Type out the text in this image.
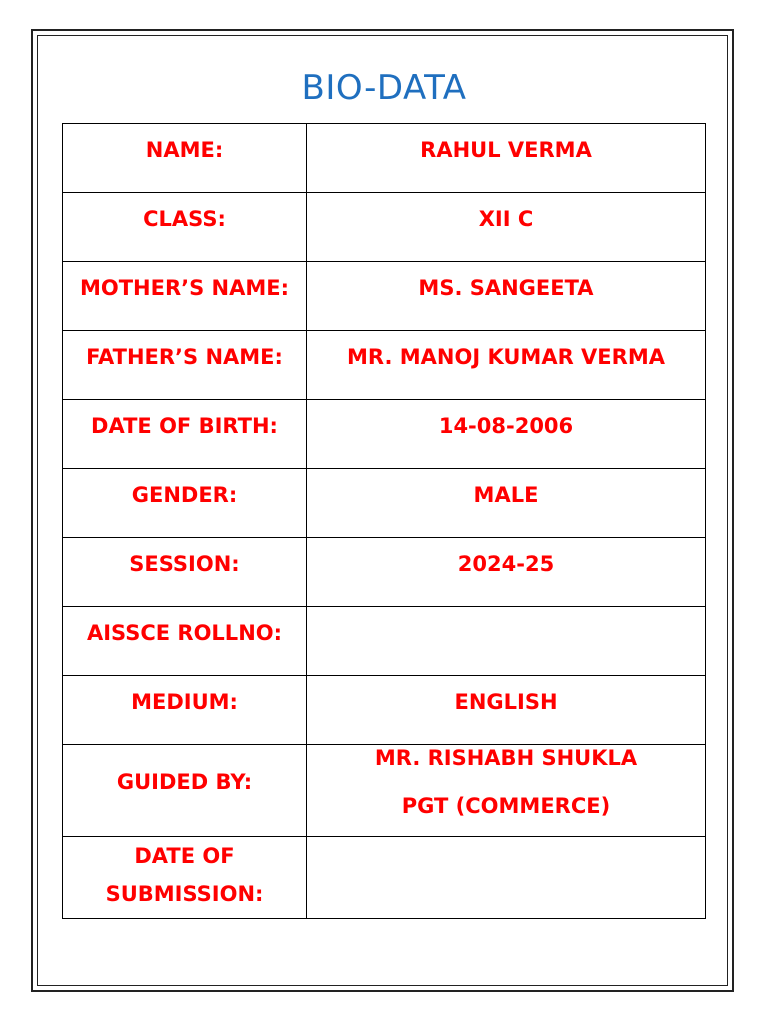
BIO-DATA
NAME:	RAHUL VERMA

CLASS:	XII C

MOTHER’S NAME:	MS. SANGEETA

FATHER’S NAME:	MR. MANOJ KUMAR VERMA

DATE OF BIRTH:	14-08-2006

GENDER:	MALE

SESSION:	2024-25

AISSCE ROLLNO:	

MEDIUM:	ENGLISH

GUIDED BY:	MR. RISHABH SHUKLA
PGT (COMMERCE)

DATE OF
SUBMISSION:	
